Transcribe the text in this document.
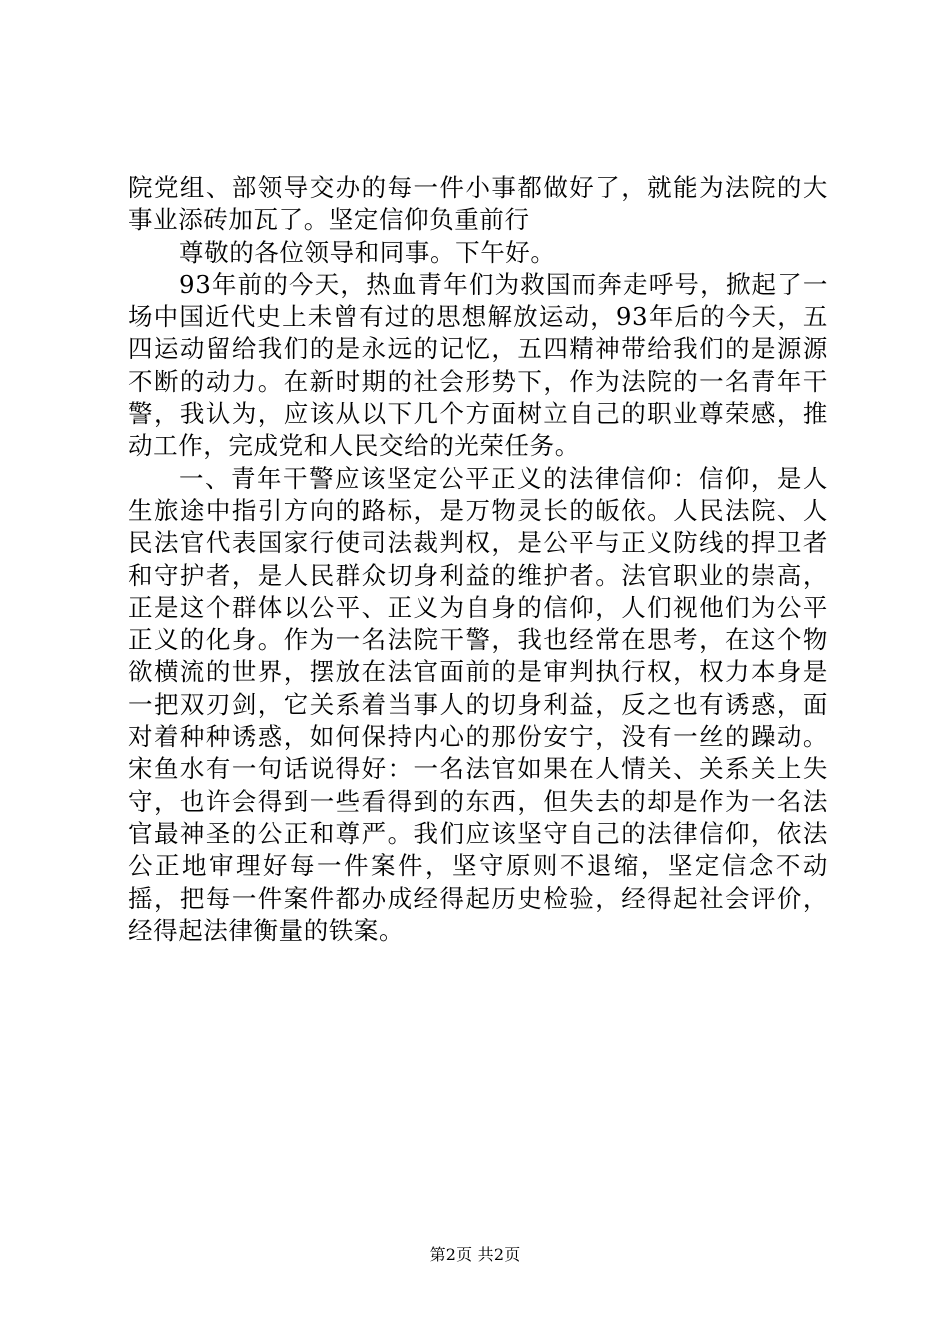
院党组、部领导交办的每一件小事都做好了，就能为法院的大事业添砖加瓦了。坚定信仰负重前行

尊敬的各位领导和同事。下午好。

93年前的今天，热血青年们为救国而奔走呼号，掀起了一场中国近代史上未曾有过的思想解放运动，93年后的今天，五四运动留给我们的是永远的记忆，五四精神带给我们的是源源不断的动力。在新时期的社会形势下，作为法院的一名青年干警，我认为，应该从以下几个方面树立自己的职业尊荣感，推动工作，完成党和人民交给的光荣任务。

一、青年干警应该坚定公平正义的法律信仰：信仰，是人生旅途中指引方向的路标，是万物灵长的皈依。人民法院、人民法官代表国家行使司法裁判权，是公平与正义防线的捍卫者和守护者，是人民群众切身利益的维护者。法官职业的崇高，正是这个群体以公平、正义为自身的信仰，人们视他们为公平正义的化身。作为一名法院干警，我也经常在思考，在这个物欲横流的世界，摆放在法官面前的是审判执行权，权力本身是一把双刃剑，它关系着当事人的切身利益，反之也有诱惑，面对着种种诱惑，如何保持内心的那份安宁，没有一丝的躁动。宋鱼水有一句话说得好：一名法官如果在人情关、关系关上失守，也许会得到一些看得到的东西，但失去的却是作为一名法官最神圣的公正和尊严。我们应该坚守自己的法律信仰，依法公正地审理好每一件案件，坚守原则不退缩，坚定信念不动摇，把每一件案件都办成经得起历史检验，经得起社会评价，经得起法律衡量的铁案。

第2页 共2页
